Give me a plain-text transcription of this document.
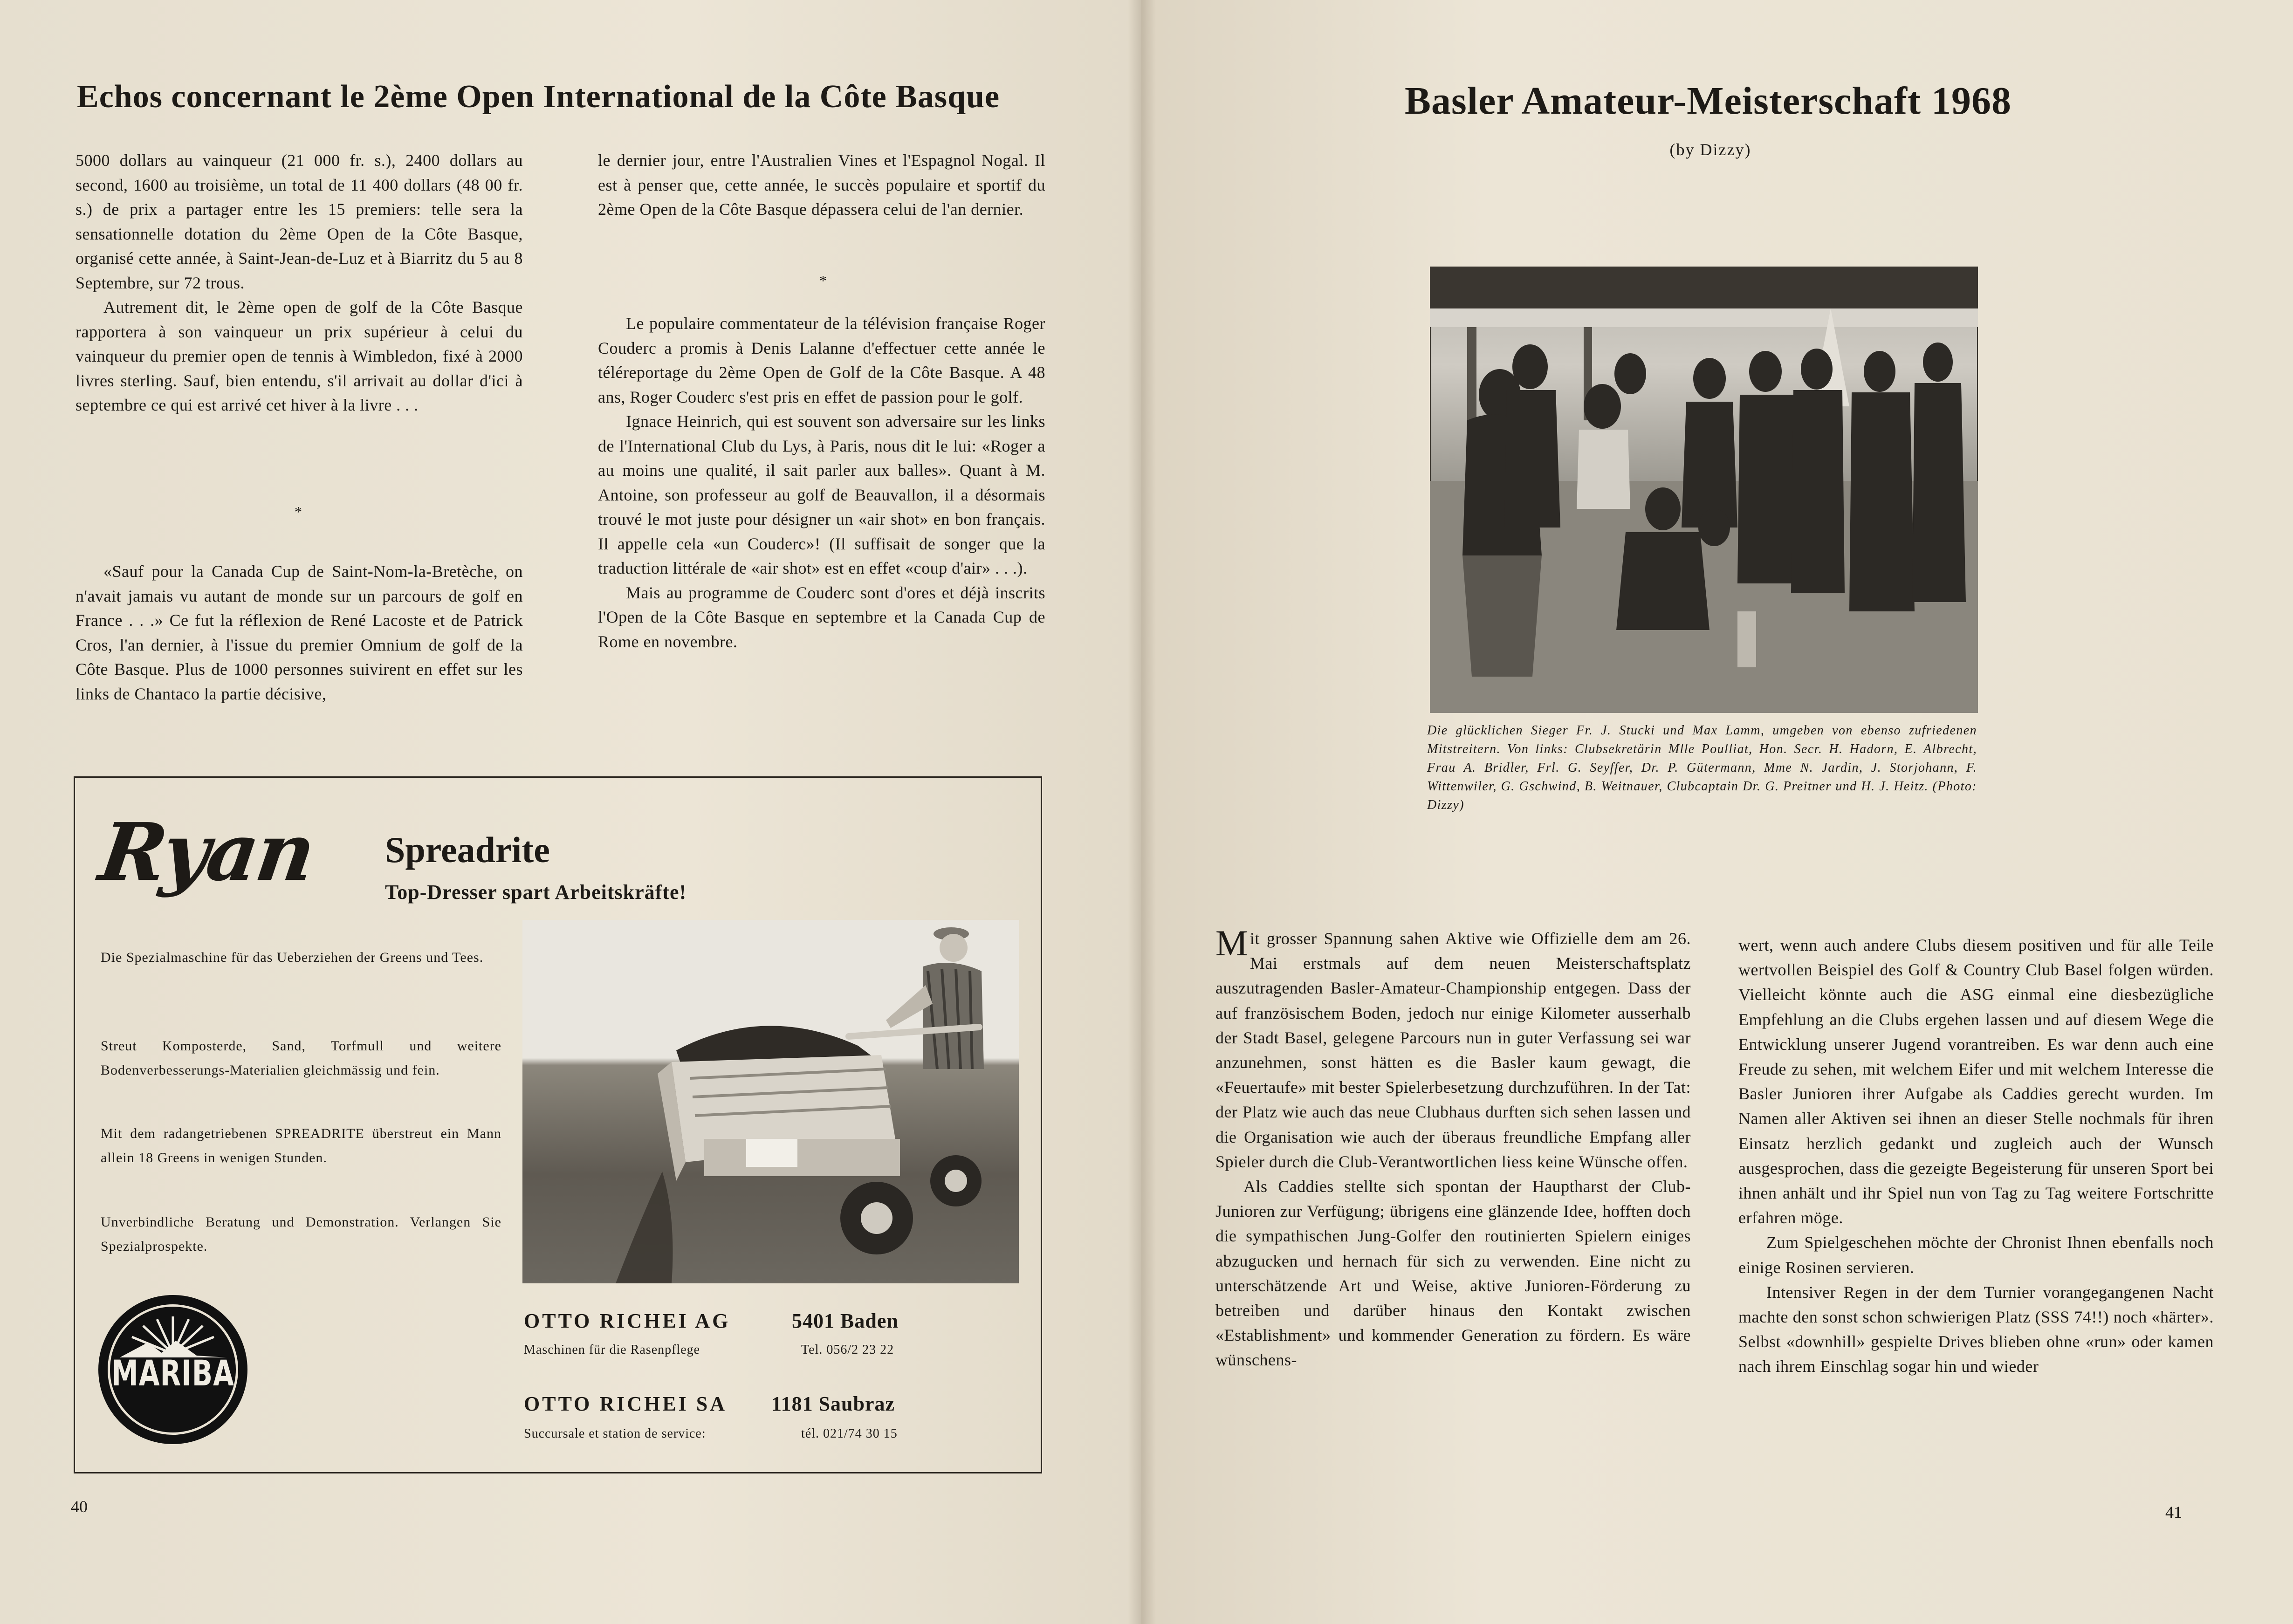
Echos concernant le 2ème Open International de la Côte Basque

5000 dollars au vainqueur (21 000 fr. s.), 2400 dollars au second, 1600 au troisième, un total de 11 400 dollars (48 00 fr. s.) de prix a partager entre les 15 premiers: telle sera la sensationnelle dotation du 2ème Open de la Côte Basque, organisé cette année, à Saint-Jean-de-Luz et à Biarritz du 5 au 8 Septembre, sur 72 trous.

Autrement dit, le 2ème open de golf de la Côte Basque rapportera à son vainqueur un prix supérieur à celui du vainqueur du premier open de tennis à Wimbledon, fixé à 2000 livres sterling. Sauf, bien entendu, s'il arrivait au dollar d'ici à septembre ce qui est arrivé cet hiver à la livre . . .

*

«Sauf pour la Canada Cup de Saint-Nom-la-Bretèche, on n'avait jamais vu autant de monde sur un parcours de golf en France . . .» Ce fut la réflexion de René Lacoste et de Patrick Cros, l'an dernier, à l'issue du premier Omnium de golf de la Côte Basque. Plus de 1000 personnes suivirent en effet sur les links de Chantaco la partie décisive,

le dernier jour, entre l'Australien Vines et l'Espagnol Nogal. Il est à penser que, cette année, le succès populaire et sportif du 2ème Open de la Côte Basque dépassera celui de l'an dernier.

*

Le populaire commentateur de la télévision française Roger Couderc a promis à Denis Lalanne d'effectuer cette année le téléreportage du 2ème Open de Golf de la Côte Basque. A 48 ans, Roger Couderc s'est pris en effet de passion pour le golf.

Ignace Heinrich, qui est souvent son adversaire sur les links de l'International Club du Lys, à Paris, nous dit le lui: «Roger a au moins une qualité, il sait parler aux balles». Quant à M. Antoine, son professeur au golf de Beauvallon, il a désormais trouvé le mot juste pour désigner un «air shot» en bon français. Il appelle cela «un Couderc»! (Il suffisait de songer que la traduction littérale de «air shot» est en effet «coup d'air» . . .).

Mais au programme de Couderc sont d'ores et déjà inscrits l'Open de la Côte Basque en septembre et la Canada Cup de Rome en novembre.

Ryan Spreadrite
Top-Dresser spart Arbeitskräfte!
Die Spezialmaschine für das Ueberziehen der Greens und Tees.
Streut Komposterde, Sand, Torfmull und weitere Bodenverbesserungs-Materialien gleichmässig und fein.
Mit dem radangetriebenen SPREADRITE überstreut ein Mann allein 18 Greens in wenigen Stunden.
Unverbindliche Beratung und Demonstration. Verlangen Sie Spezialprospekte.
MARIBA
OTTO RICHEI AG	5401 Baden
Maschinen für die Rasenpflege	Tel. 056/2 23 22
OTTO RICHEI SA 1181 Saubraz
Succursale et station de service:	tél. 021/74 30 15
40
Basler Amateur-Meisterschaft 1968
(by Dizzy)
Die glücklichen Sieger Fr. J. Stucki und Max Lamm, umgeben von ebenso zufriedenen Mitstreitern. Von links: Clubsekretärin Mlle Poulliat, Hon. Secr. H. Hadorn, E. Albrecht, Frau A. Bridler, Frl. G. Seyffer, Dr. P. Gütermann, Mme N. Jardin, J. Storjohann, F. Wittenwiler, G. Gschwind, B. Weitnauer, Clubcaptain Dr. G. Preitner und H. J. Heitz. (Photo: Dizzy)

Mit grosser Spannung sahen Aktive wie Offizielle dem am 26. Mai erstmals auf dem neuen Meisterschaftsplatz auszutragenden Basler-Amateur-Championship entgegen. Dass der auf französischem Boden, jedoch nur einige Kilometer ausserhalb der Stadt Basel, gelegene Parcours nun in guter Verfassung sei war anzunehmen, sonst hätten es die Basler kaum gewagt, die «Feuertaufe» mit bester Spielerbesetzung durchzuführen. In der Tat: der Platz wie auch das neue Clubhaus durften sich sehen lassen und die Organisation wie auch der überaus freundliche Empfang aller Spieler durch die Club-Verantwortlichen liess keine Wünsche offen.

Als Caddies stellte sich spontan der Hauptharst der Club-Junioren zur Verfügung; übrigens eine glänzende Idee, hofften doch die sympathischen Jung-Golfer den routinierten Spielern einiges abzugucken und hernach für sich zu verwenden. Eine nicht zu unterschätzende Art und Weise, aktive Junioren-Förderung zu betreiben und darüber hinaus den Kontakt zwischen «Establishment» und kommender Generation zu fördern. Es wäre wünschens-

wert, wenn auch andere Clubs diesem positiven und für alle Teile wertvollen Beispiel des Golf & Country Club Basel folgen würden. Vielleicht könnte auch die ASG einmal eine diesbezügliche Empfehlung an die Clubs ergehen lassen und auf diesem Wege die Entwicklung unserer Jugend vorantreiben. Es war denn auch eine Freude zu sehen, mit welchem Eifer und mit welchem Interesse die Basler Junioren ihrer Aufgabe als Caddies gerecht wurden. Im Namen aller Aktiven sei ihnen an dieser Stelle nochmals für ihren Einsatz herzlich gedankt und zugleich auch der Wunsch ausgesprochen, dass die gezeigte Begeisterung für unseren Sport bei ihnen anhält und ihr Spiel nun von Tag zu Tag weitere Fortschritte erfahren möge.

Zum Spielgeschehen möchte der Chronist Ihnen ebenfalls noch einige Rosinen servieren.

Intensiver Regen in der dem Turnier vorangegangenen Nacht machte den sonst schon schwierigen Platz (SSS 74!!) noch «härter». Selbst «downhill» gespielte Drives blieben ohne «run» oder kamen nach ihrem Einschlag sogar hin und wieder

41
